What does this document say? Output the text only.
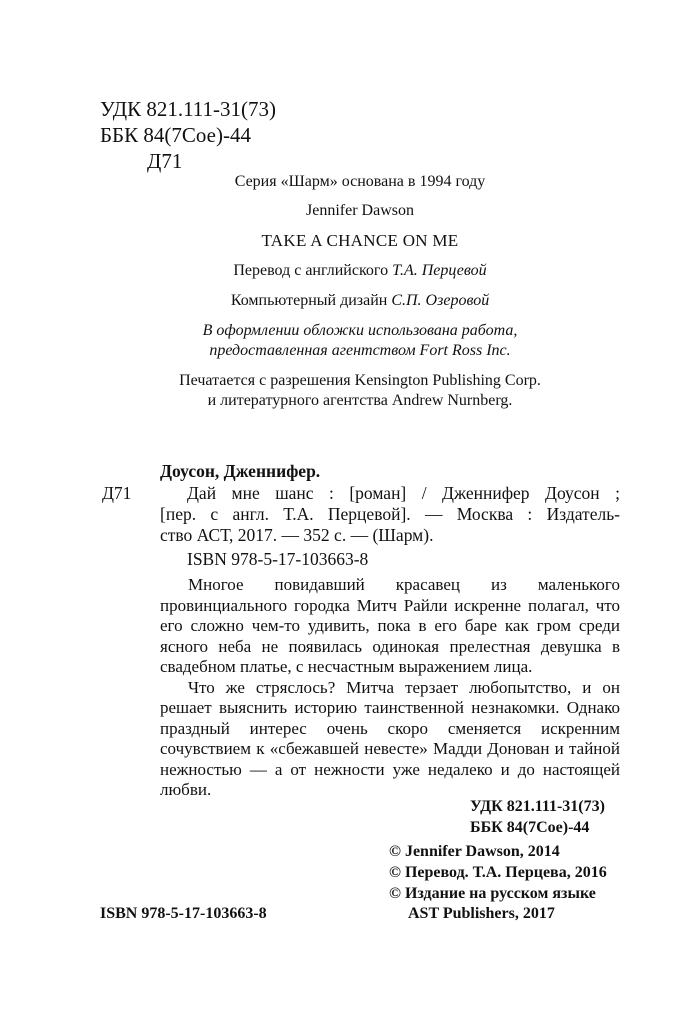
УДК 821.111-31(73)

ББК 84(7Сое)-44

Д71

Серия «Шарм» основана в 1994 году

Jennifer Dawson

TAKE A CHANCE ON ME

Перевод с английского Т.А. Перцевой

Компьютерный дизайн С.П. Озеровой

В оформлении обложки использована работа,

предоставленная агентством Fort Ross Inc.

Печатается с разрешения Kensington Publishing Corp.

и литературного агентства Andrew Nurnberg.

Доусон, Дженнифер.

Д71	Дай мне шанс : [роман] / Дженнифер Доусон ;

[пер. с англ. Т.А. Перцевой]. — Москва : Издатель-

ство АСТ, 2017. — 352 с. — (Шарм).

ISBN 978-5-17-103663-8

Многое повидавший красавец из маленького провинциального городка Митч Райли искренне полагал, что его сложно чем-то удивить, пока в его баре как гром среди ясного неба не появилась одинокая прелестная девушка в свадебном платье, с несчастным выражением лица.

Что же стряслось? Митча терзает любопытство, и он решает выяснить историю таинственной незнакомки. Однако праздный интерес очень скоро сменяется искренним сочувствием к «сбежавшей невесте» Мадди Донован и тайной нежностью — а от нежности уже недалеко и до настоящей любви.

УДК 821.111-31(73)

ББК 84(7Сое)-44

© Jennifer Dawson, 2014

© Перевод. Т.А. Перцева, 2016

© Издание на русском языке

AST Publishers, 2017

ISBN 978-5-17-103663-8
